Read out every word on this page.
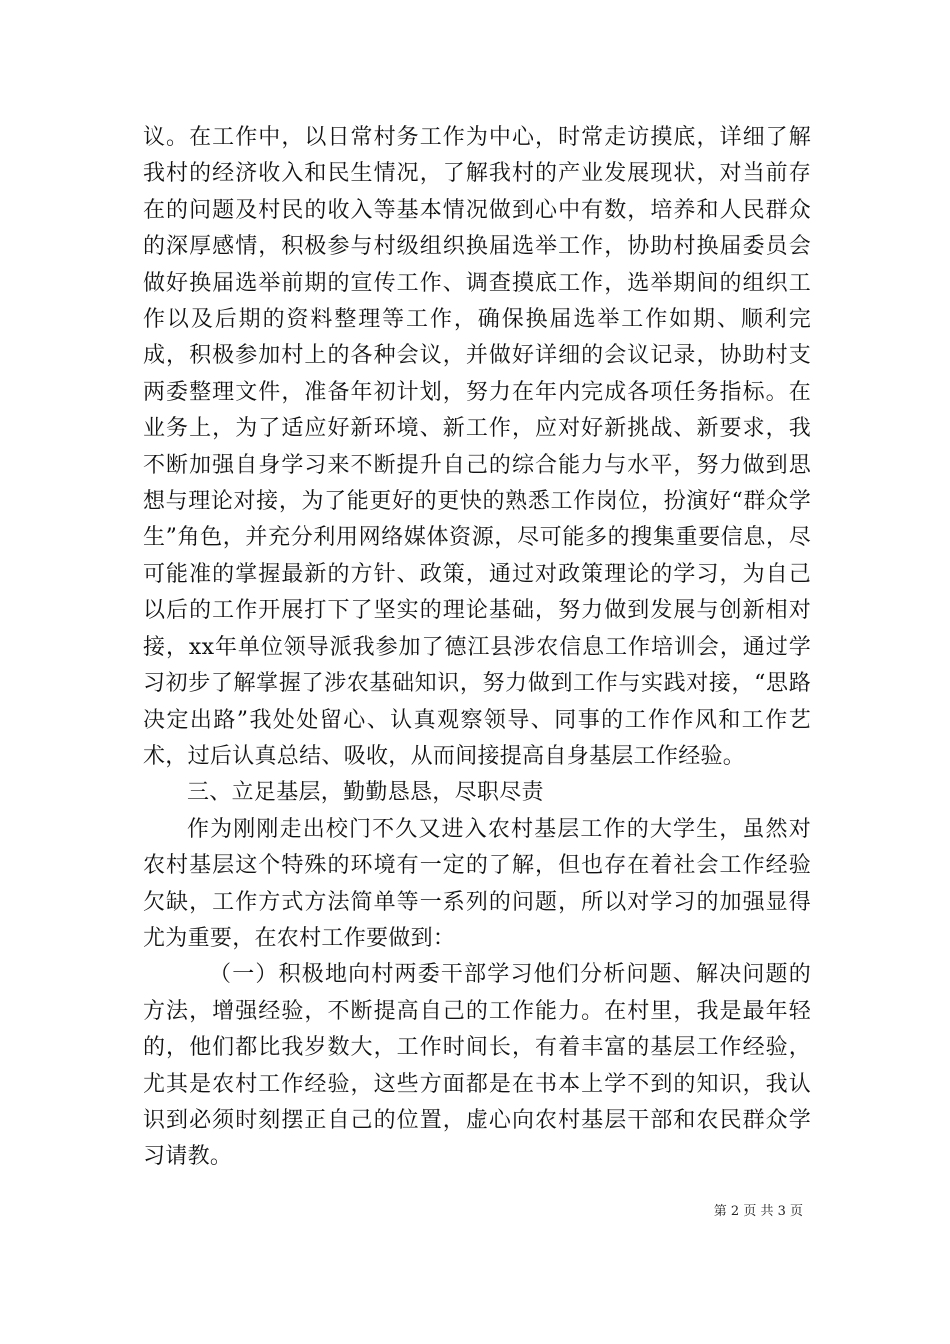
议。在工作中，以日常村务工作为中心，时常走访摸底，详细了解我村的经济收入和民生情况，了解我村的产业发展现状，对当前存在的问题及村民的收入等基本情况做到心中有数，培养和人民群众的深厚感情，积极参与村级组织换届选举工作，协助村换届委员会做好换届选举前期的宣传工作、调查摸底工作，选举期间的组织工作以及后期的资料整理等工作，确保换届选举工作如期、顺利完成，积极参加村上的各种会议，并做好详细的会议记录，协助村支两委整理文件，准备年初计划，努力在年内完成各项任务指标。在业务上，为了适应好新环境、新工作，应对好新挑战、新要求，我不断加强自身学习来不断提升自己的综合能力与水平，努力做到思想与理论对接，为了能更好的更快的熟悉工作岗位，扮演好“群众学生”角色，并充分利用网络媒体资源，尽可能多的搜集重要信息，尽可能准的掌握最新的方针、政策，通过对政策理论的学习，为自己以后的工作开展打下了坚实的理论基础，努力做到发展与创新相对接，xx年单位领导派我参加了德江县涉农信息工作培训会，通过学习初步了解掌握了涉农基础知识，努力做到工作与实践对接，“思路决定出路”我处处留心、认真观察领导、同事的工作作风和工作艺术，过后认真总结、吸收，从而间接提高自身基层工作经验。

三、立足基层，勤勤恳恳，尽职尽责

作为刚刚走出校门不久又进入农村基层工作的大学生，虽然对农村基层这个特殊的环境有一定的了解，但也存在着社会工作经验欠缺，工作方式方法简单等一系列的问题，所以对学习的加强显得尤为重要，在农村工作要做到：

（一）积极地向村两委干部学习他们分析问题、解决问题的方法，增强经验，不断提高自己的工作能力。在村里，我是最年轻的，他们都比我岁数大，工作时间长，有着丰富的基层工作经验，尤其是农村工作经验，这些方面都是在书本上学不到的知识，我认识到必须时刻摆正自己的位置，虚心向农村基层干部和农民群众学习请教。

第 2 页 共 3 页
